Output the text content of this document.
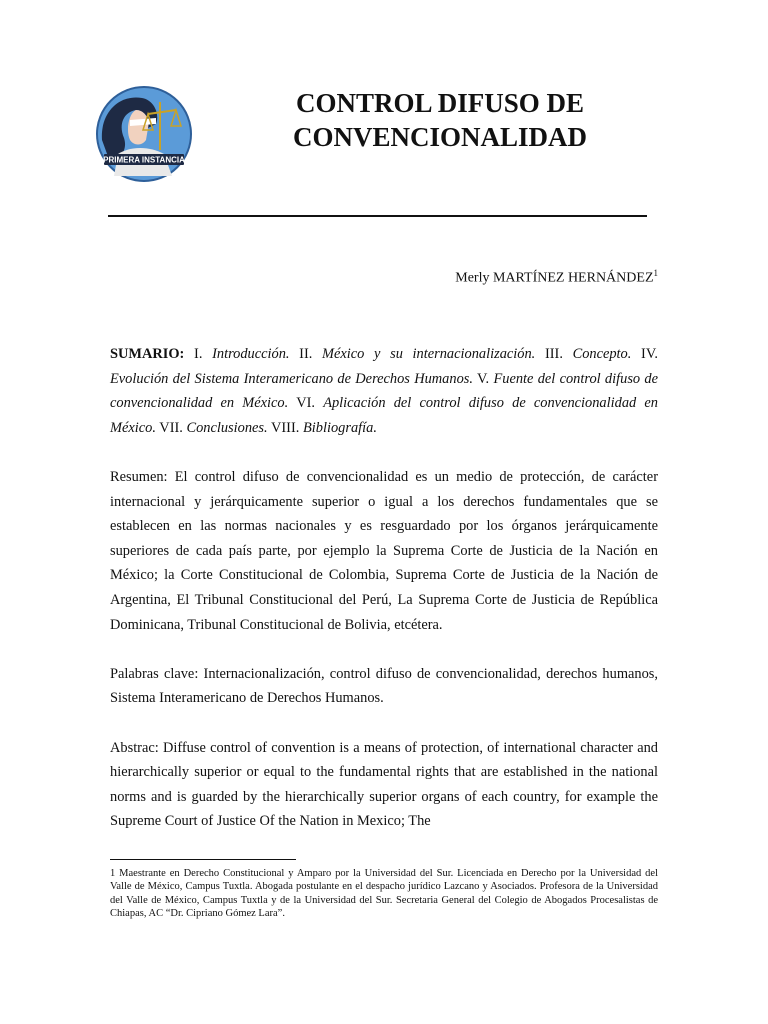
PRIMERA INSTANCIA
CONTROL DIFUSO DE
CONVENCIONALIDAD
Merly MARTÍNEZ HERNÁNDEZ$^1$

SUMARIO: I. Introducción. II. México y su internacionalización. III. Concepto. IV. Evolución del Sistema Interamericano de Derechos Humanos. V. Fuente del control difuso de convencionalidad en México. VI. Aplicación del control difuso de convencionalidad en México. VII. Conclusiones. VIII. Bibliografía.

Resumen: El control difuso de convencionalidad es un medio de protección, de carácter internacional y jerárquicamente superior o igual a los derechos fundamentales que se establecen en las normas nacionales y es resguardado por los órganos jerárquicamente superiores de cada país parte, por ejemplo la Suprema Corte de Justicia de la Nación en México; la Corte Constitucional de Colombia, Suprema Corte de Justicia de la Nación de Argentina, El Tribunal Constitucional del Perú, La Suprema Corte de Justicia de República Dominicana, Tribunal Constitucional de Bolivia, etcétera.

Palabras clave: Internacionalización, control difuso de convencionalidad, derechos humanos, Sistema Interamericano de Derechos Humanos.

Abstrac: Diffuse control of convention is a means of protection, of international character and hierarchically superior or equal to the fundamental rights that are established in the national norms and is guarded by the hierarchically superior organs of each country, for example the Supreme Court of Justice Of the Nation in Mexico; The

1 Maestrante en Derecho Constitucional y Amparo por la Universidad del Sur. Licenciada en Derecho por la Universidad del Valle de México, Campus Tuxtla. Abogada postulante en el despacho jurídico Lazcano y Asociados. Profesora de la Universidad del Valle de México, Campus Tuxtla y de la Universidad del Sur. Secretaria General del Colegio de Abogados Procesalistas de Chiapas, AC “Dr. Cipriano Gómez Lara”.
